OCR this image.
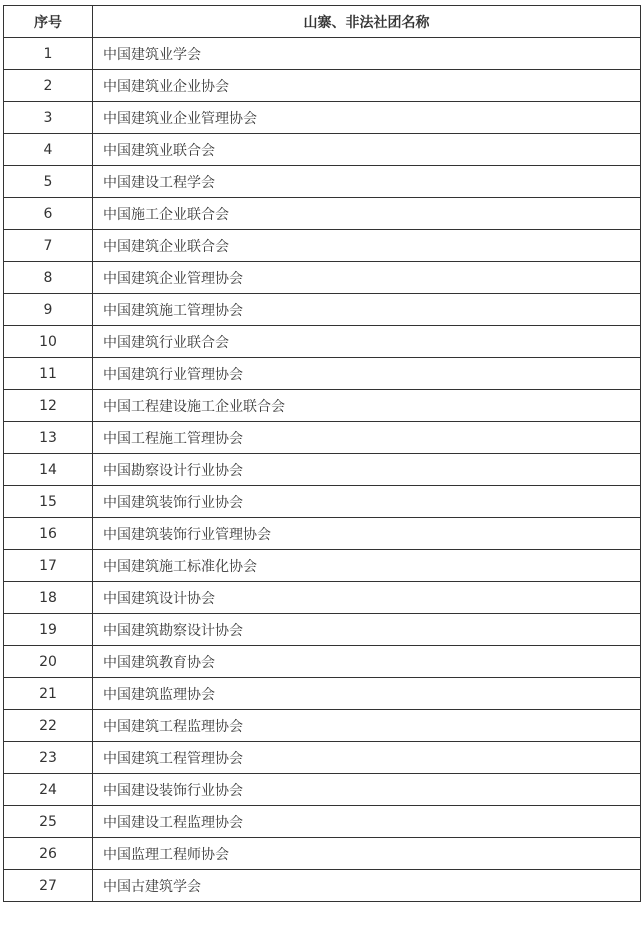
序号	山寨、非法社团名称
1	中国建筑业学会
2	中国建筑业企业协会
3	中国建筑业企业管理协会
4	中国建筑业联合会
5	中国建设工程学会
6	中国施工企业联合会
7	中国建筑企业联合会
8	中国建筑企业管理协会
9	中国建筑施工管理协会
10	中国建筑行业联合会
11	中国建筑行业管理协会
12	中国工程建设施工企业联合会
13	中国工程施工管理协会
14	中国勘察设计行业协会
15	中国建筑装饰行业协会
16	中国建筑装饰行业管理协会
17	中国建筑施工标准化协会
18	中国建筑设计协会
19	中国建筑勘察设计协会
20	中国建筑教育协会
21	中国建筑监理协会
22	中国建筑工程监理协会
23	中国建筑工程管理协会
24	中国建设装饰行业协会
25	中国建设工程监理协会
26	中国监理工程师协会
27	中国古建筑学会
